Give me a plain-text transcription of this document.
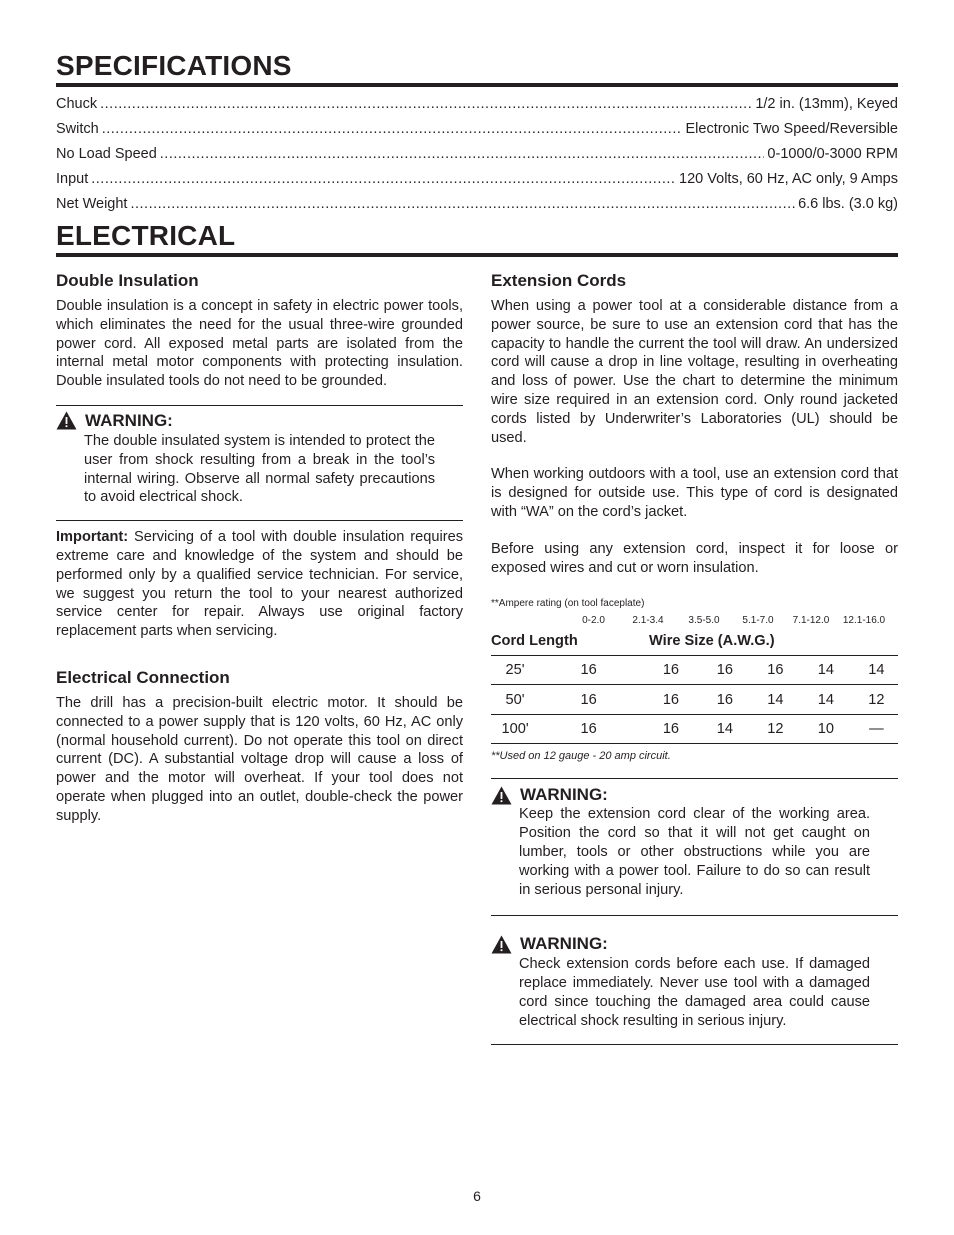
SPECIFICATIONS
Chuck .....	1/2 in. (13mm), Keyed
Switch .....	Electronic Two Speed/Reversible
No Load Speed .....	0-1000/0-3000 RPM
Input .....	120 Volts, 60 Hz, AC only, 9 Amps
Net Weight .....	6.6 lbs. (3.0 kg)
ELECTRICAL
Double Insulation

Double insulation is a concept in safety in electric power tools, which eliminates the need for the usual three-wire grounded power cord. All exposed metal parts are isolated from the internal metal motor components with protecting insulation. Double insulated tools do not need to be grounded.

WARNING:

The double insulated system is intended to protect the user from shock resulting from a break in the tool’s internal wiring. Observe all normal safety precautions to avoid electrical shock.

Important: Servicing of a tool with double insulation requires extreme care and knowledge of the system and should be performed only by a qualified service technician. For service, we suggest you return the tool to your nearest authorized service center for repair. Always use original factory replacement parts when servicing.

Electrical Connection

The drill has a precision-built electric motor. It should be connected to a power supply that is 120 volts, 60 Hz, AC only (normal household current). Do not operate this tool on direct current (DC). A substantial voltage drop will cause a loss of power and the motor will overheat. If your tool does not operate when plugged into an outlet, double-check the power supply.

Extension Cords

When using a power tool at a considerable distance from a power source, be sure to use an extension cord that has the capacity to handle the current the tool will draw. An undersized cord will cause a drop in line voltage, resulting in overheating and loss of power. Use the chart to determine the minimum wire size required in an extension cord. Only round jacketed cords listed by Underwriter’s Laboratories (UL) should be used.

When working outdoors with a tool, use an extension cord that is designed for outside use. This type of cord is designated with “WA” on the cord’s jacket.

Before using any extension cord, inspect it for loose or exposed wires and cut or worn insulation.

**Ampere rating (on tool faceplate)
0-2.0	2.1-3.4	3.5-5.0	5.1-7.0	7.1-12.0	12.1-16.0
Cord Length	Wire Size (A.W.G.)
25'	16	16	16	16	14	14
50'	16	16	16	14	14	12
100'	16	16	14	12	10	—
**Used on 12 gauge - 20 amp circuit.
WARNING:

Keep the extension cord clear of the working area. Position the cord so that it will not get caught on lumber, tools or other obstructions while you are working with a power tool. Failure to do so can result in serious personal injury.

WARNING:

Check extension cords before each use. If damaged replace immediately. Never use tool with a damaged cord since touching the damaged area could cause electrical shock resulting in serious injury.

6
